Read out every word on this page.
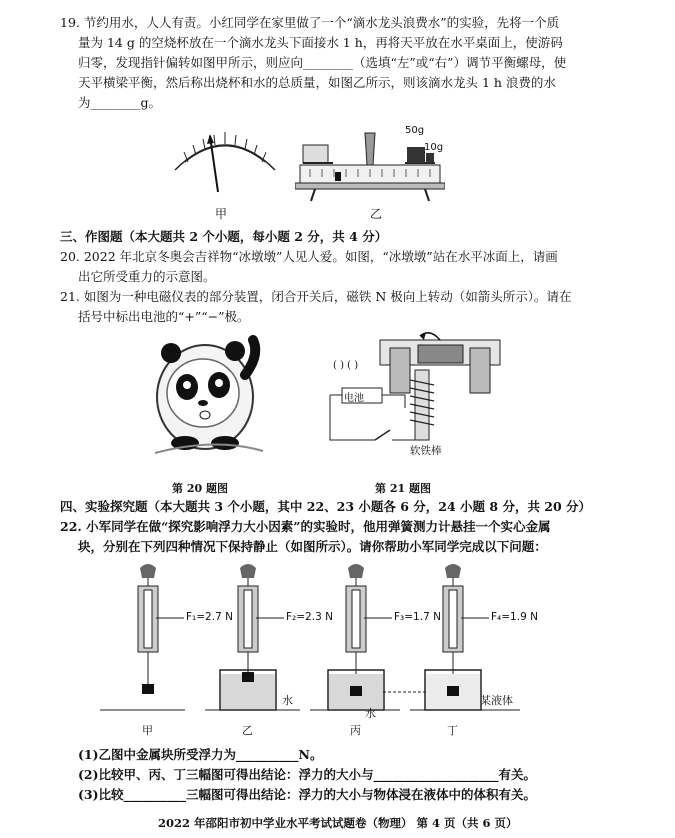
19. 节约用水，人人有责。小红同学在家里做了一个“滴水龙头浪费水”的实验，先将一个质
量为 14 g 的空烧杯放在一个滴水龙头下面接水 1 h，再将天平放在水平桌面上，使游码
归零，发现指针偏转如图甲所示，则应向________（选填“左”或“右”）调节平衡螺母，使
天平横梁平衡，然后称出烧杯和水的总质量，如图乙所示，则该滴水龙头 1 h 浪费的水
为________g。
甲
50g
10g
乙
三、作图题（本大题共 2 个小题，每小题 2 分，共 4 分）
20. 2022 年北京冬奥会吉祥物“冰墩墩”人见人爱。如图，“冰墩墩”站在水平冰面上，请画
出它所受重力的示意图。
21. 如图为一种电磁仪表的部分装置，闭合开关后，磁铁 N 极向上转动（如箭头所示）。请在
括号中标出电池的“+”“−”极。
第 20 题图
( ) ( )
电池
软铁棒
第 21 题图
四、实验探究题（本大题共 3 个小题，其中 22、23 小题各 6 分，24 小题 8 分，共 20 分）
22. 小军同学在做“探究影响浮力大小因素”的实验时，他用弹簧测力计悬挂一个实心金属
块，分别在下列四种情况下保持静止（如图所示）。请你帮助小军同学完成以下问题：
F₁=2.7 N	F₂=2.3 N	F₃=1.7 N	F₄=1.9 N
水
水
某液体
甲	乙	丙	丁
(1)乙图中金属块所受浮力为__________N。
(2)比较甲、丙、丁三幅图可得出结论：浮力的大小与____________________有关。
(3)比较__________三幅图可得出结论：浮力的大小与物体浸在液体中的体积有关。
2022 年邵阳市初中学业水平考试试题卷（物理） 第 4 页（共 6 页）
